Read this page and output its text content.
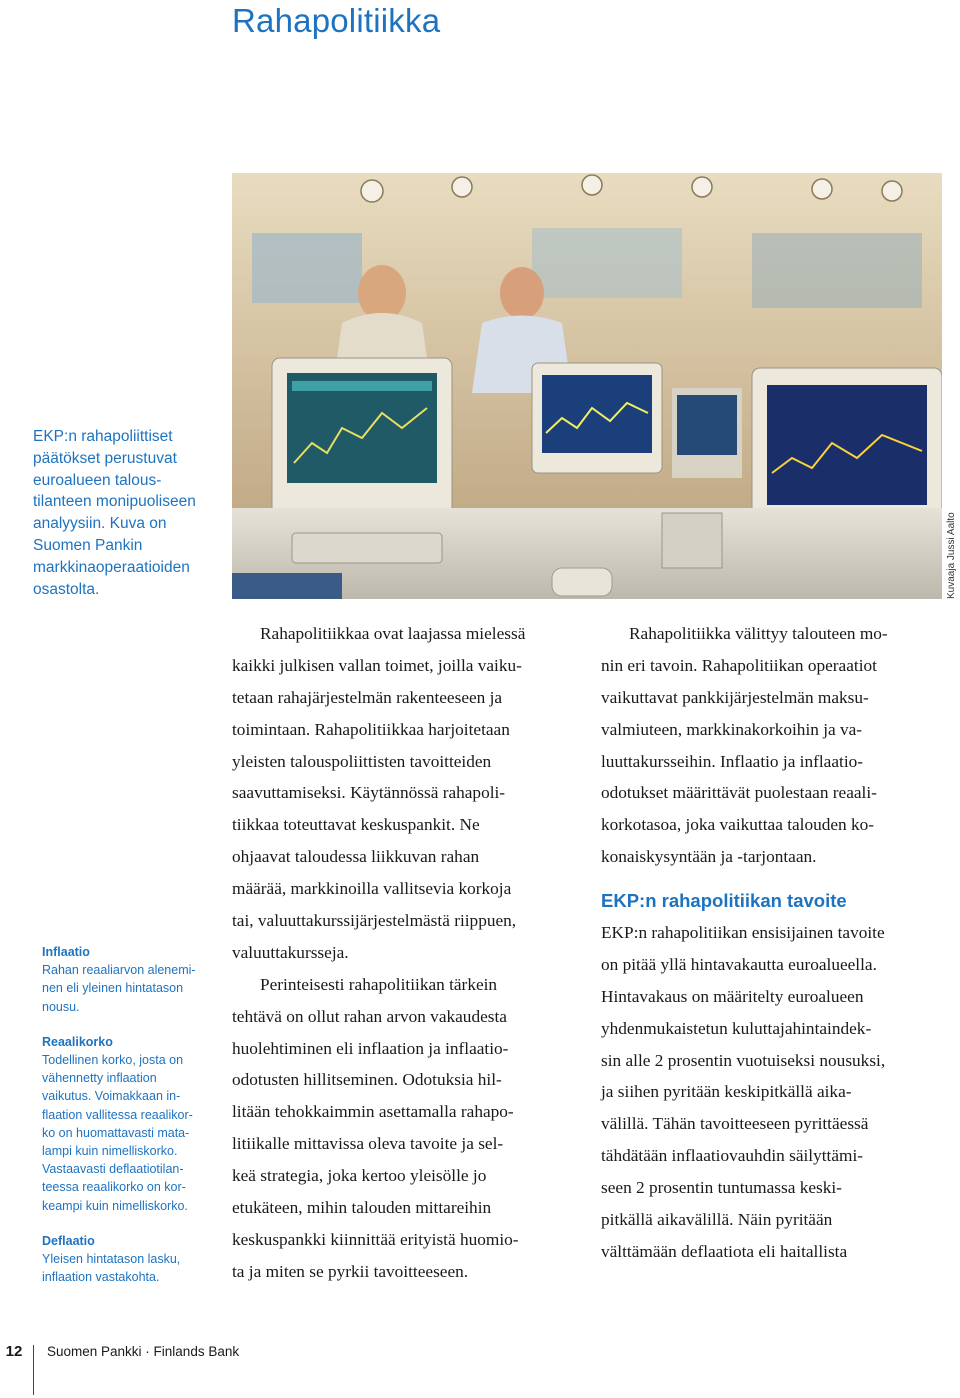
Rahapolitiikka
Kuvaaja Jussi Aalto
EKP:n rahapoliittiset
päätökset perustuvat
euroalueen talous-
tilanteen monipuoliseen
analyysiin. Kuva on
Suomen Pankin
markkinaoperaatioiden
osastolta.
Inflaatio
Rahan reaaliarvon alenemi-
nen eli yleinen hintatason
nousu.
Reaalikorko
Todellinen korko, josta on
vähennetty inflaation
vaikutus. Voimakkaan in-
flaation vallitessa reaalikor-
ko on huomattavasti mata-
lampi kuin nimelliskorko.
Vastaavasti deflaatiotilan-
teessa reaalikorko on kor-
keampi kuin nimelliskorko.
Deflaatio
Yleisen hintatason lasku,
inflaation vastakohta.
Rahapolitiikkaa ovat laajassa mielessä
kaikki julkisen vallan toimet, joilla vaiku-
tetaan rahajärjestelmän rakenteeseen ja
toimintaan. Rahapolitiikkaa harjoitetaan
yleisten talouspoliittisten tavoitteiden
saavuttamiseksi. Käytännössä rahapoli-
tiikkaa toteuttavat keskuspankit. Ne
ohjaavat taloudessa liikkuvan rahan
määrää, markkinoilla vallitsevia korkoja
tai, valuuttakurssijärjestelmästä riippuen,
valuuttakursseja.
Perinteisesti rahapolitiikan tärkein
tehtävä on ollut rahan arvon vakaudesta
huolehtiminen eli inflaation ja inflaatio-
odotusten hillitseminen. Odotuksia hil-
litään tehokkaimmin asettamalla rahapo-
litiikalle mittavissa oleva tavoite ja sel-
keä strategia, joka kertoo yleisölle jo
etukäteen, mihin talouden mittareihin
keskuspankki kiinnittää erityistä huomio-
ta ja miten se pyrkii tavoitteeseen.
Rahapolitiikka välittyy talouteen mo-
nin eri tavoin. Rahapolitiikan operaatiot
vaikuttavat pankkijärjestelmän maksu-
valmiuteen, markkinakorkoihin ja va-
luuttakursseihin. Inflaatio ja inflaatio-
odotukset määrittävät puolestaan reaali-
korkotasoa, joka vaikuttaa talouden ko-
konaiskysyntään ja -tarjontaan.
EKP:n rahapolitiikan tavoite
EKP:n rahapolitiikan ensisijainen tavoite
on pitää yllä hintavakautta euroalueella.
Hintavakaus on määritelty euroalueen
yhdenmukaistetun kuluttajahintaindek-
sin alle 2 prosentin vuotuiseksi nousuksi,
ja siihen pyritään keskipitkällä aika-
välillä. Tähän tavoitteeseen pyrittäessä
tähdätään inflaatiovauhdin säilyttämi-
seen 2 prosentin tuntumassa keski-
pitkällä aikavälillä. Näin pyritään
välttämään deflaatiota eli haitallista
12 Suomen Pankki · Finlands Bank
